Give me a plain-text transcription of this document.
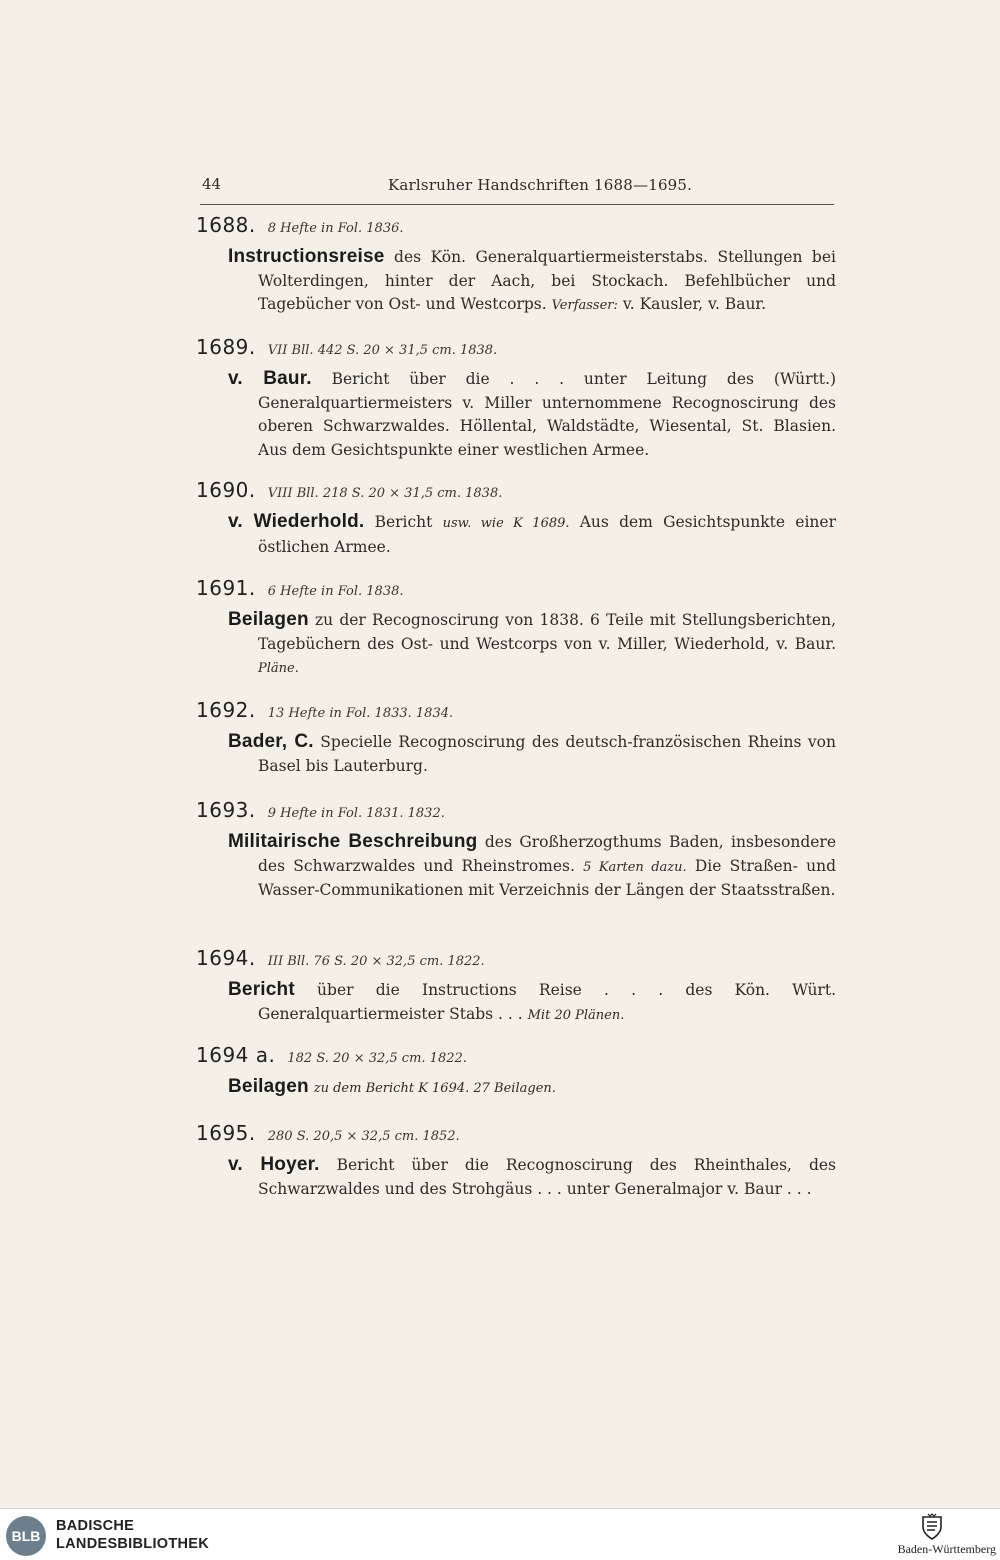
44	Karlsruher Handschriften 1688—1695.
1688. 8 Hefte in Fol. 1836.
Instructionsreise des Kön. Generalquartiermeisterstabs. Stellungen bei Wolterdingen, hinter der Aach, bei Stockach. Befehlbücher und Tagebücher von Ost- und Westcorps. Verfasser: v. Kausler, v. Baur.
1689. VII Bll. 442 S. 20 ⨯ 31,5 cm. 1838.
v. Baur. Bericht über die . . . unter Leitung des (Württ.) Generalquartiermeisters v. Miller unternommene Recognoscirung des oberen Schwarzwaldes. Höllental, Waldstädte, Wiesental, St. Blasien. Aus dem Gesichtspunkte einer westlichen Armee.
1690. VIII Bll. 218 S. 20 ⨯ 31,5 cm. 1838.
v. Wiederhold. Bericht usw. wie K 1689. Aus dem Gesichtspunkte einer östlichen Armee.
1691. 6 Hefte in Fol. 1838.
Beilagen zu der Recognoscirung von 1838. 6 Teile mit Stellungsberichten, Tagebüchern des Ost- und Westcorps von v. Miller, Wiederhold, v. Baur. Pläne.
1692. 13 Hefte in Fol. 1833. 1834.
Bader, C. Specielle Recognoscirung des deutsch-französischen Rheins von Basel bis Lauterburg.
1693. 9 Hefte in Fol. 1831. 1832.
Militairische Beschreibung des Großherzogthums Baden, insbesondere des Schwarzwaldes und Rheinstromes. 5 Karten dazu. Die Straßen- und Wasser-Communikationen mit Verzeichnis der Längen der Staatsstraßen.
1694. III Bll. 76 S. 20 ⨯ 32,5 cm. 1822.
Bericht über die Instructions Reise . . . des Kön. Würt. Generalquartiermeister Stabs . . . Mit 20 Plänen.
1694 a. 182 S. 20 ⨯ 32,5 cm. 1822.
Beilagen zu dem Bericht K 1694. 27 Beilagen.
1695. 280 S. 20,5 ⨯ 32,5 cm. 1852.
v. Hoyer. Bericht über die Recognoscirung des Rheinthales, des Schwarzwaldes und des Strohgäus . . . unter Generalmajor v. Baur . . .
BLB
BADISCHE
LANDESBIBLIOTHEK	Baden-Württemberg
